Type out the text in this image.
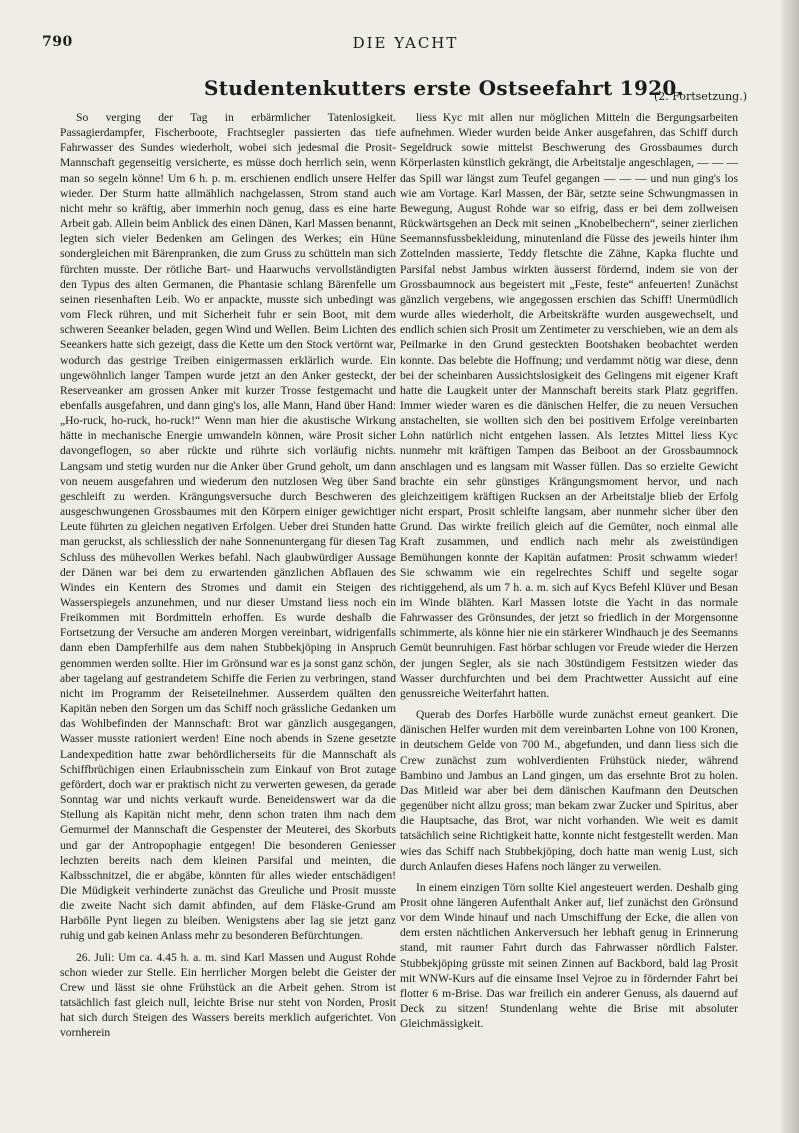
790	DIE YACHT
Studentenkutters erste Ostseefahrt 1920.
(2. Fortsetzung.)

So verging der Tag in erbärmlicher Tatenlosigkeit. Passagierdampfer, Fischerboote, Frachtsegler passierten das tiefe Fahrwasser des Sundes wiederholt, wobei sich jedesmal die Prosit-Mannschaft gegenseitig versicherte, es müsse doch herrlich sein, wenn man so segeln könne! Um 6 h. p. m. erschienen endlich unsere Helfer wieder. Der Sturm hatte allmählich nachgelassen, Strom stand auch nicht mehr so kräftig, aber immerhin noch genug, dass es eine harte Arbeit gab. Allein beim Anblick des einen Dänen, Karl Massen benannt, legten sich vieler Bedenken am Gelingen des Werkes; ein Hüne sondergleichen mit Bärenpranken, die zum Gruss zu schütteln man sich fürchten musste. Der rötliche Bart- und Haarwuchs vervollständigten den Typus des alten Germanen, die Phantasie schlang Bärenfelle um seinen riesenhaften Leib. Wo er anpackte, musste sich unbedingt was vom Fleck rühren, und mit Sicherheit fuhr er sein Boot, mit dem schweren Seeanker beladen, gegen Wind und Wellen. Beim Lichten des Seeankers hatte sich gezeigt, dass die Kette um den Stock vertörnt war, wodurch das gestrige Treiben einigermassen erklärlich wurde. Ein ungewöhnlich langer Tampen wurde jetzt an den Anker gesteckt, der Reserveanker am grossen Anker mit kurzer Trosse festgemacht und ebenfalls ausgefahren, und dann ging's los, alle Mann, Hand über Hand: „Ho-ruck, ho-ruck, ho-ruck!“ Wenn man hier die akustische Wirkung hätte in mechanische Energie umwandeln können, wäre Prosit sicher davongeflogen, so aber rückte und rührte sich vorläufig nichts. Langsam und stetig wurden nur die Anker über Grund geholt, um dann von neuem ausgefahren und wiederum den nutzlosen Weg über Sand geschleift zu werden. Krängungsversuche durch Beschweren des ausgeschwungenen Grossbaumes mit den Körpern einiger gewichtiger Leute führten zu gleichen negativen Erfolgen. Ueber drei Stunden hatte man geruckst, als schliesslich der nahe Sonnenuntergang für diesen Tag Schluss des mühevollen Werkes befahl. Nach glaubwürdiger Aussage der Dänen war bei dem zu erwartenden gänzlichen Abflauen des Windes ein Kentern des Stromes und damit ein Steigen des Wasserspiegels anzunehmen, und nur dieser Umstand liess noch ein Freikommen mit Bordmitteln erhoffen. Es wurde deshalb die Fortsetzung der Versuche am anderen Morgen vereinbart, widrigenfalls dann eben Dampferhilfe aus dem nahen Stubbekjöping in Anspruch genommen werden sollte. Hier im Grönsund war es ja sonst ganz schön, aber tagelang auf gestrandetem Schiffe die Ferien zu verbringen, stand nicht im Programm der Reiseteilnehmer. Ausserdem quälten den Kapitän neben den Sorgen um das Schiff noch grässliche Gedanken um das Wohlbefinden der Mannschaft: Brot war gänzlich ausgegangen, Wasser musste rationiert werden! Eine noch abends in Szene gesetzte Landexpedition hatte zwar behördlicherseits für die Mannschaft als Schiffbrüchigen einen Erlaubnisschein zum Einkauf von Brot zutage gefördert, doch war er praktisch nicht zu verwerten gewesen, da gerade Sonntag war und nichts verkauft wurde. Beneidenswert war da die Stellung als Kapitän nicht mehr, denn schon traten ihm nach dem Gemurmel der Mannschaft die Gespenster der Meuterei, des Skorbuts und gar der Antropophagie entgegen! Die besonderen Geniesser lechzten bereits nach dem kleinen Parsifal und meinten, die Kalbsschnitzel, die er abgäbe, könnten für alles wieder entschädigen! Die Müdigkeit verhinderte zunächst das Greuliche und Prosit musste die zweite Nacht sich damit abfinden, auf dem Fläske-Grund am Harbölle Pynt liegen zu bleiben. Wenigstens aber lag sie jetzt ganz ruhig und gab keinen Anlass mehr zu besonderen Befürchtungen.

26. Juli: Um ca. 4.45 h. a. m. sind Karl Massen und August Rohde schon wieder zur Stelle. Ein herrlicher Morgen belebt die Geister der Crew und lässt sie ohne Frühstück an die Arbeit gehen. Strom ist tatsächlich fast gleich null, leichte Brise nur steht von Norden, Prosit hat sich durch Steigen des Wassers bereits merklich aufgerichtet. Von vornherein

liess Kyc mit allen nur möglichen Mitteln die Bergungsarbeiten aufnehmen. Wieder wurden beide Anker ausgefahren, das Schiff durch Segeldruck sowie mittelst Beschwerung des Grossbaumes durch Körperlasten künstlich gekrängt, die Arbeitstalje angeschlagen, — — — das Spill war längst zum Teufel gegangen — — — und nun ging's los wie am Vortage. Karl Massen, der Bär, setzte seine Schwungmassen in Bewegung, August Rohde war so eifrig, dass er bei dem zollweisen Rückwärtsgehen an Deck mit seinen „Knobelbechern“, seiner zierlichen Seemannsfussbekleidung, minutenland die Füsse des jeweils hinter ihm Zottelnden massierte, Teddy fletschte die Zähne, Kapka fluchte und Parsifal nebst Jambus wirkten äusserst fördernd, indem sie von der Grossbaumnock aus begeistert mit „Feste, feste“ anfeuerten! Zunächst gänzlich vergebens, wie angegossen erschien das Schiff! Unermüdlich wurde alles wiederholt, die Arbeitskräfte wurden ausgewechselt, und endlich schien sich Prosit um Zentimeter zu verschieben, wie an dem als Peilmarke in den Grund gesteckten Bootshaken beobachtet werden konnte. Das belebte die Hoffnung; und verdammt nötig war diese, denn bei der scheinbaren Aussichtslosigkeit des Gelingens mit eigener Kraft hatte die Laugkeit unter der Mannschaft bereits stark Platz gegriffen. Immer wieder waren es die dänischen Helfer, die zu neuen Versuchen anstachelten, sie wollten sich den bei positivem Erfolge vereinbarten Lohn natürlich nicht entgehen lassen. Als letztes Mittel liess Kyc nunmehr mit kräftigen Tampen das Beiboot an der Grossbaumnock anschlagen und es langsam mit Wasser füllen. Das so erzielte Gewicht brachte ein sehr günstiges Krängungsmoment hervor, und nach gleichzeitigem kräftigen Rucksen an der Arbeitstalje blieb der Erfolg nicht erspart, Prosit schleifte langsam, aber nunmehr sicher über den Grund. Das wirkte freilich gleich auf die Gemüter, noch einmal alle Kraft zusammen, und endlich nach mehr als zweistündigen Bemühungen konnte der Kapitän aufatmen: Prosit schwamm wieder! Sie schwamm wie ein regelrechtes Schiff und segelte sogar richtiggehend, als um 7 h. a. m. sich auf Kycs Befehl Klüver und Besan im Winde blähten. Karl Massen lotste die Yacht in das normale Fahrwasser des Grönsundes, der jetzt so friedlich in der Morgensonne schimmerte, als könne hier nie ein stärkerer Windhauch je des Seemanns Gemüt beunruhigen. Fast hörbar schlugen vor Freude wieder die Herzen der jungen Segler, als sie nach 30stündigem Festsitzen wieder das Wasser durchfurchten und bei dem Prachtwetter Aussicht auf eine genussreiche Weiterfahrt hatten.

Querab des Dorfes Harbölle wurde zunächst erneut geankert. Die dänischen Helfer wurden mit dem vereinbarten Lohne von 100 Kronen, in deutschem Gelde von 700 M., abgefunden, und dann liess sich die Crew zunächst zum wohlverdienten Frühstück nieder, während Bambino und Jambus an Land gingen, um das ersehnte Brot zu holen. Das Mitleid war aber bei dem dänischen Kaufmann den Deutschen gegenüber nicht allzu gross; man bekam zwar Zucker und Spiritus, aber die Hauptsache, das Brot, war nicht vorhanden. Wie weit es damit tatsächlich seine Richtigkeit hatte, konnte nicht festgestellt werden. Man wies das Schiff nach Stubbekjöping, doch hatte man wenig Lust, sich durch Anlaufen dieses Hafens noch länger zu verweilen.

In einem einzigen Törn sollte Kiel angesteuert werden. Deshalb ging Prosit ohne längeren Aufenthalt Anker auf, lief zunächst den Grönsund vor dem Winde hinauf und nach Umschiffung der Ecke, die allen von dem ersten nächtlichen Ankerversuch her lebhaft genug in Erinnerung stand, mit raumer Fahrt durch das Fahrwasser nördlich Falster. Stubbekjöping grüsste mit seinen Zinnen auf Backbord, bald lag Prosit mit WNW-Kurs auf die einsame Insel Vejroe zu in fördernder Fahrt bei flotter 6 m-Brise. Das war freilich ein anderer Genuss, als dauernd auf Deck zu sitzen! Stundenlang wehte die Brise mit absoluter Gleichmässigkeit.
